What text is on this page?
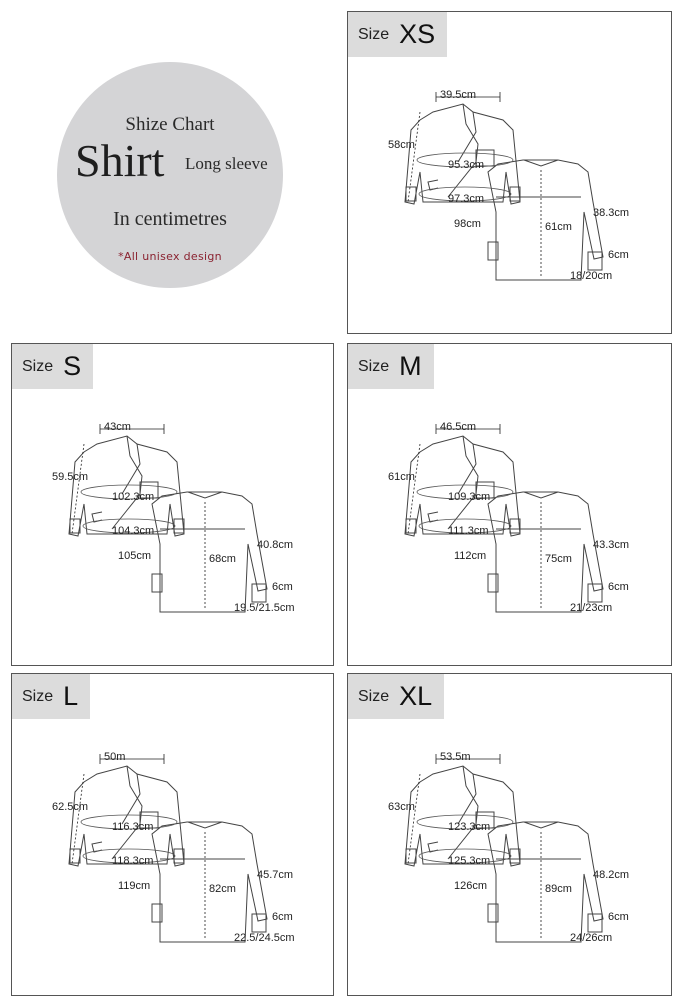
Shize Chart
Shirt Long sleeve
In centimetres
*All unisex design
Size XS
39.5cm
58cm
95.3cm
97.3cm
98cm	61cm
38.3cm
6cm
18/20cm
Size S
43cm
59.5cm
102.3cm
104.3cm
105cm	68cm
40.8cm
6cm
19.5/21.5cm
Size M
46.5cm
61cm
109.3cm
111.3cm
112cm	75cm
43.3cm
6cm
21/23cm
Size L
50m
62.5cm
116.3cm
118.3cm
119cm	82cm
45.7cm
6cm
22.5/24.5cm
Size XL
53.5m
63cm
123.3cm
125.3cm
126cm	89cm
48.2cm
6cm
24/26cm
